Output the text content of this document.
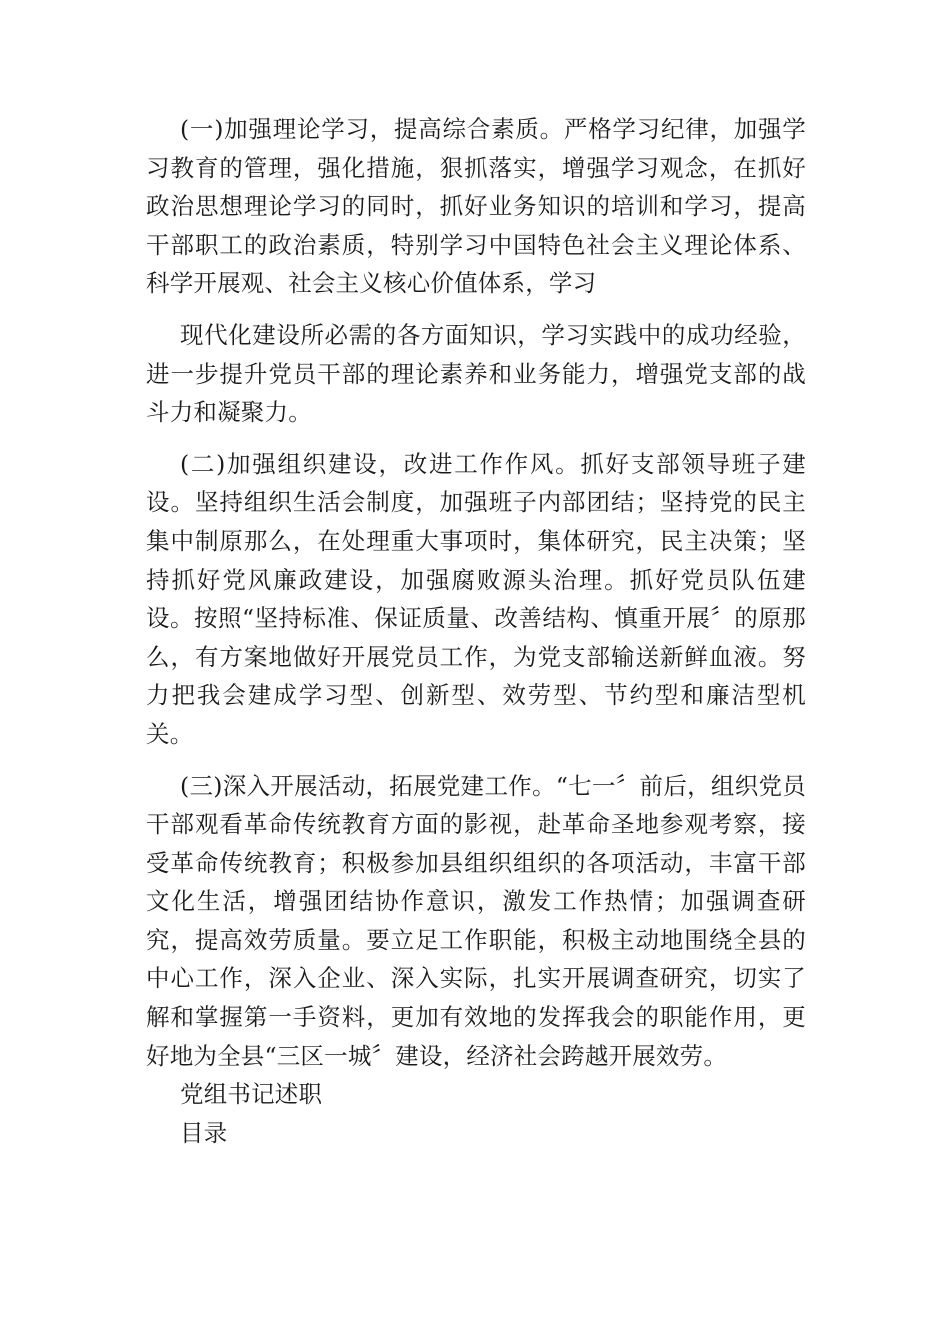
(一)加强理论学习，提高综合素质。严格学习纪律，加强学习教育的管理，强化措施，狠抓落实，增强学习观念，在抓好政治思想理论学习的同时，抓好业务知识的培训和学习，提高干部职工的政治素质，特别学习中国特色社会主义理论体系、科学开展观、社会主义核心价值体系，学习

现代化建设所必需的各方面知识，学习实践中的成功经验，进一步提升党员干部的理论素养和业务能力，增强党支部的战斗力和凝聚力。

(二)加强组织建设，改进工作作风。抓好支部领导班子建设。坚持组织生活会制度，加强班子内部团结；坚持党的民主集中制原那么，在处理重大事项时，集体研究，民主决策；坚持抓好党风廉政建设，加强腐败源头治理。抓好党员队伍建设。按照“坚持标准、保证质量、改善结构、慎重开展〞的原那么，有方案地做好开展党员工作，为党支部输送新鲜血液。努力把我会建成学习型、创新型、效劳型、节约型和廉洁型机关。

(三)深入开展活动，拓展党建工作。“七一〞前后，组织党员干部观看革命传统教育方面的影视，赴革命圣地参观考察，接受革命传统教育；积极参加县组织组织的各项活动，丰富干部文化生活，增强团结协作意识，激发工作热情；加强调查研究，提高效劳质量。要立足工作职能，积极主动地围绕全县的中心工作，深入企业、深入实际，扎实开展调查研究，切实了解和掌握第一手资料，更加有效地的发挥我会的职能作用，更好地为全县“三区一城〞建设，经济社会跨越开展效劳。

党组书记述职

目录
